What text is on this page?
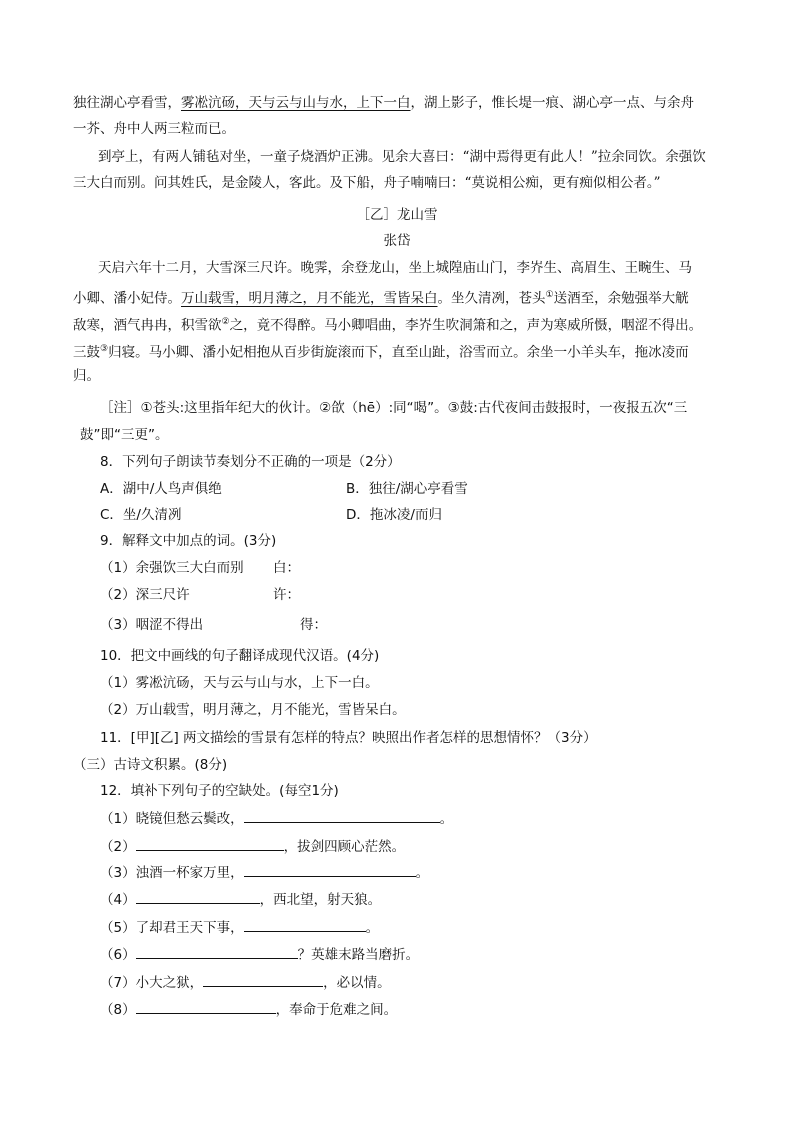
独往湖心亭看雪，雾凇沆砀，天与云与山与水，上下一白，湖上影子，惟长堤一痕、湖心亭一点、与余舟
一芥、舟中人两三粒而已。
到亭上，有两人铺毡对坐，一童子烧酒炉正沸。见余大喜曰：“湖中焉得更有此人！”拉余同饮。余强饮
三大白而别。问其姓氏，是金陵人，客此。及下船，舟子喃喃曰：“莫说相公痴，更有痴似相公者。”
［乙］龙山雪
张岱
天启六年十二月，大雪深三尺许。晚霁，余登龙山，坐上城隍庙山门，李岕生、高眉生、王畹生、马
小卿、潘小妃侍。万山载雪，明月薄之，月不能光，雪皆呆白。坐久清冽，苍头①送酒至，余勉强举大觥
敌寒，酒气冉冉，积雪欲②之，竟不得醉。马小卿唱曲，李岕生吹洞箫和之，声为寒威所慑，咽涩不得出。
三鼓③归寝。马小卿、潘小妃相抱从百步街旋滚而下，直至山趾，浴雪而立。余坐一小羊头车，拖冰凌而
归。
［注］①苍头:这里指年纪大的伙计。②欱（hē）:同“喝”。③鼓:古代夜间击鼓报时，一夜报五次“三
鼓”即“三更”。
8．下列句子朗读节奏划分不正确的一项是（2分）
A．湖中/人鸟声俱绝	B．独往/湖心亭看雪
C．坐/久清冽	D．拖冰凌/而归
9．解释文中加点的词。(3分)
（1）余强饮三大白而别 白：
（2）深三尺许	许：
（3）咽涩不得出	得：
10．把文中画线的句子翻译成现代汉语。(4分)
（1）雾凇沆砀，天与云与山与水，上下一白。
（2）万山载雪，明月薄之，月不能光，雪皆呆白。
11．[甲][乙] 两文描绘的雪景有怎样的特点？映照出作者怎样的思想情怀？（3分）
（三）古诗文积累。(8分)
12．填补下列句子的空缺处。(每空1分)
（1）晓镜但愁云鬓改，	。
（2）	，拔剑四顾心茫然。
（3）浊酒一杯家万里，	。
（4）	，西北望，射天狼。
（5）了却君王天下事，	。
（6）	？英雄末路当磨折。
（7）小大之狱，	，必以情。
（8）	，奉命于危难之间。
